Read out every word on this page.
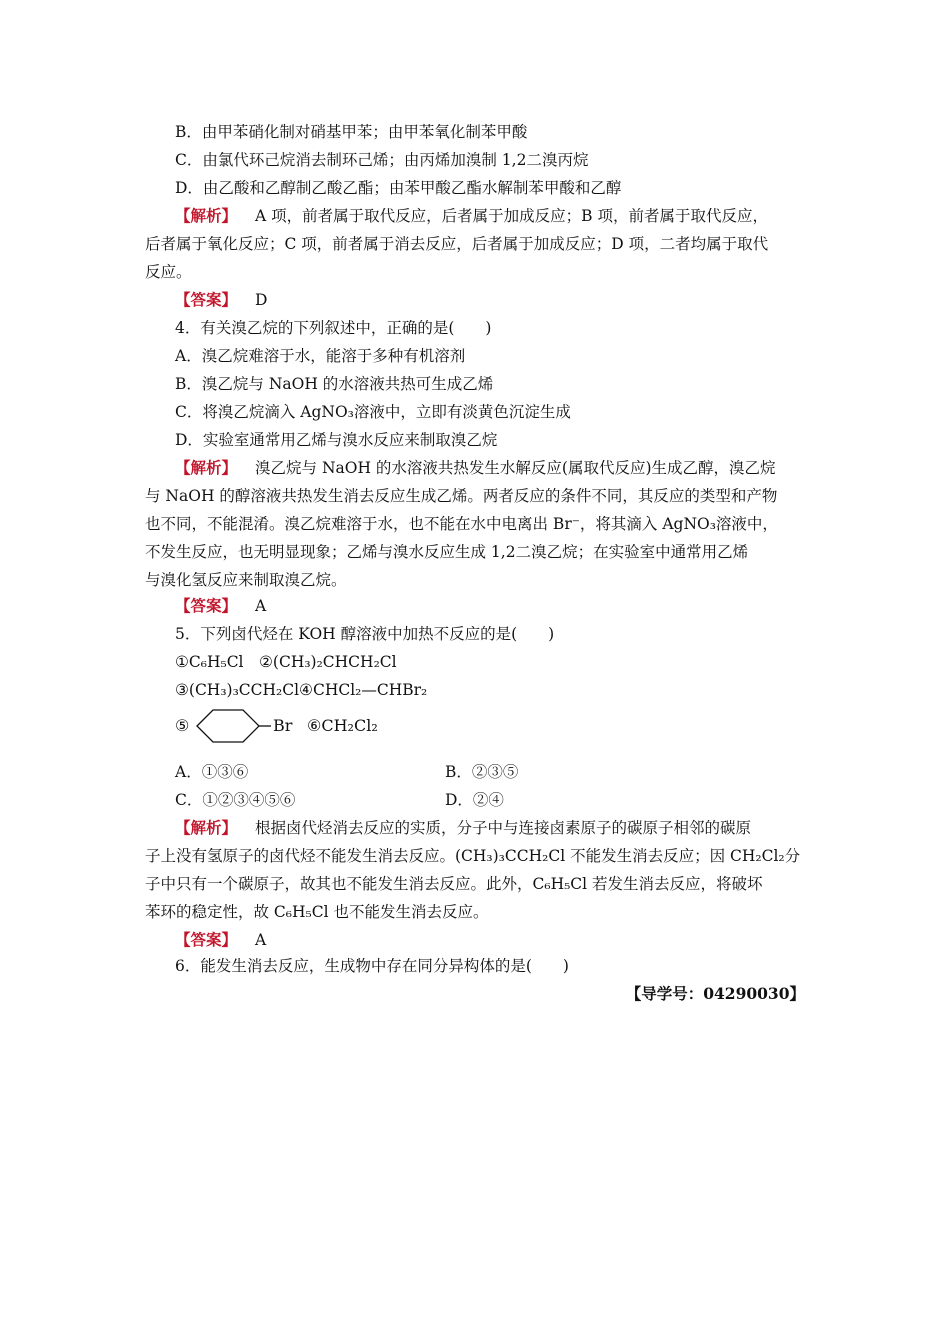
B．由甲苯硝化制对硝基甲苯；由甲苯氧化制苯甲酸
C．由氯代环己烷消去制环己烯；由丙烯加溴制 1,2二溴丙烷
D．由乙酸和乙醇制乙酸乙酯；由苯甲酸乙酯水解制苯甲酸和乙醇
【解析】 A 项，前者属于取代反应，后者属于加成反应；B 项，前者属于取代反应，
后者属于氧化反应；C 项，前者属于消去反应，后者属于加成反应；D 项，二者均属于取代
反应。
【答案】 D
4．有关溴乙烷的下列叙述中，正确的是(　　)
A．溴乙烷难溶于水，能溶于多种有机溶剂
B．溴乙烷与 NaOH 的水溶液共热可生成乙烯
C．将溴乙烷滴入 AgNO₃溶液中，立即有淡黄色沉淀生成
D．实验室通常用乙烯与溴水反应来制取溴乙烷
【解析】 溴乙烷与 NaOH 的水溶液共热发生水解反应(属取代反应)生成乙醇，溴乙烷
与 NaOH 的醇溶液共热发生消去反应生成乙烯。两者反应的条件不同，其反应的类型和产物
也不同，不能混淆。溴乙烷难溶于水，也不能在水中电离出 Br⁻，将其滴入 AgNO₃溶液中，
不发生反应，也无明显现象；乙烯与溴水反应生成 1,2二溴乙烷；在实验室中通常用乙烯
与溴化氢反应来制取溴乙烷。
【答案】 A
5．下列卤代烃在 KOH 醇溶液中加热不反应的是(　　)
①C₆H₅Cl　②(CH₃)₂CHCH₂Cl
③(CH₃)₃CCH₂Cl④CHCl₂—CHBr₂
⑤	Br ⑥CH₂Cl₂
A．①③⑥	B．②③⑤
C．①②③④⑤⑥	D．②④
【解析】 根据卤代烃消去反应的实质，分子中与连接卤素原子的碳原子相邻的碳原
子上没有氢原子的卤代烃不能发生消去反应。(CH₃)₃CCH₂Cl 不能发生消去反应；因 CH₂Cl₂分
子中只有一个碳原子，故其也不能发生消去反应。此外，C₆H₅Cl 若发生消去反应，将破坏
苯环的稳定性，故 C₆H₅Cl 也不能发生消去反应。
【答案】 A
6．能发生消去反应，生成物中存在同分异构体的是(　　)
【导学号：04290030】
